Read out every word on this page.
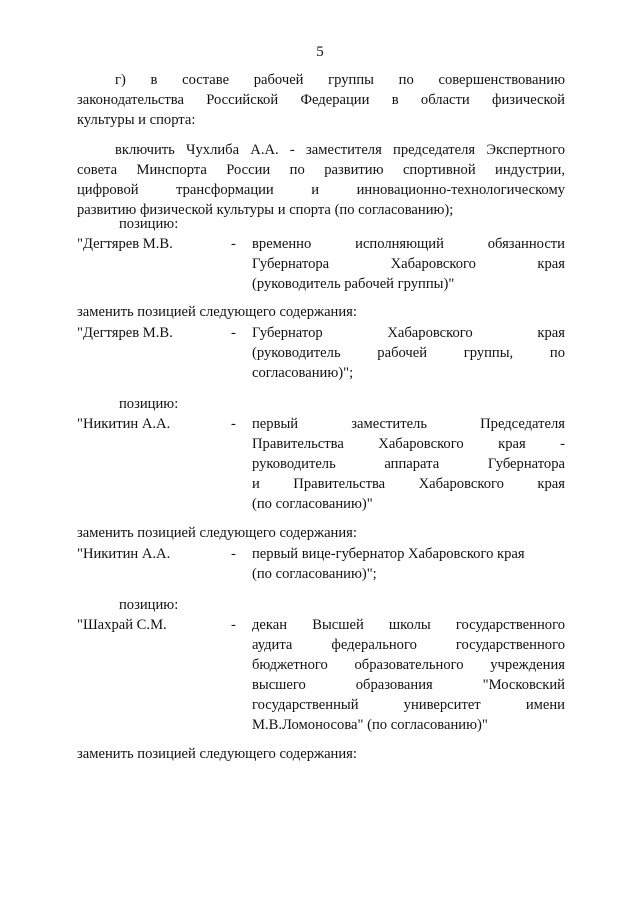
5
г) в составе рабочей группы по совершенствованию
законодательства Российской Федерации в области физической
культуры и спорта:
включить Чухлиба А.А. - заместителя председателя Экспертного
совета Минспорта России по развитию спортивной индустрии,
цифровой трансформации и инновационно-технологическому
развитию физической культуры и спорта (по согласованию);
позицию:
"Дегтярев М.В.	- временно исполняющий обязанности
Губернатора Хабаровского края
(руководитель рабочей группы)"
заменить позицией следующего содержания:
"Дегтярев М.В.	- Губернатор Хабаровского края
(руководитель рабочей группы, по
согласованию)";
позицию:
"Никитин А.А.	- первый заместитель Председателя
Правительства Хабаровского края -
руководитель аппарата Губернатора
и Правительства Хабаровского края
(по согласованию)"
заменить позицией следующего содержания:
"Никитин А.А.	- первый вице-губернатор Хабаровского края
(по согласованию)";
позицию:
"Шахрай С.М.	- декан Высшей школы государственного
аудита федерального государственного
бюджетного образовательного учреждения
высшего образования "Московский
государственный университет имени
М.В.Ломоносова" (по согласованию)"
заменить позицией следующего содержания:
